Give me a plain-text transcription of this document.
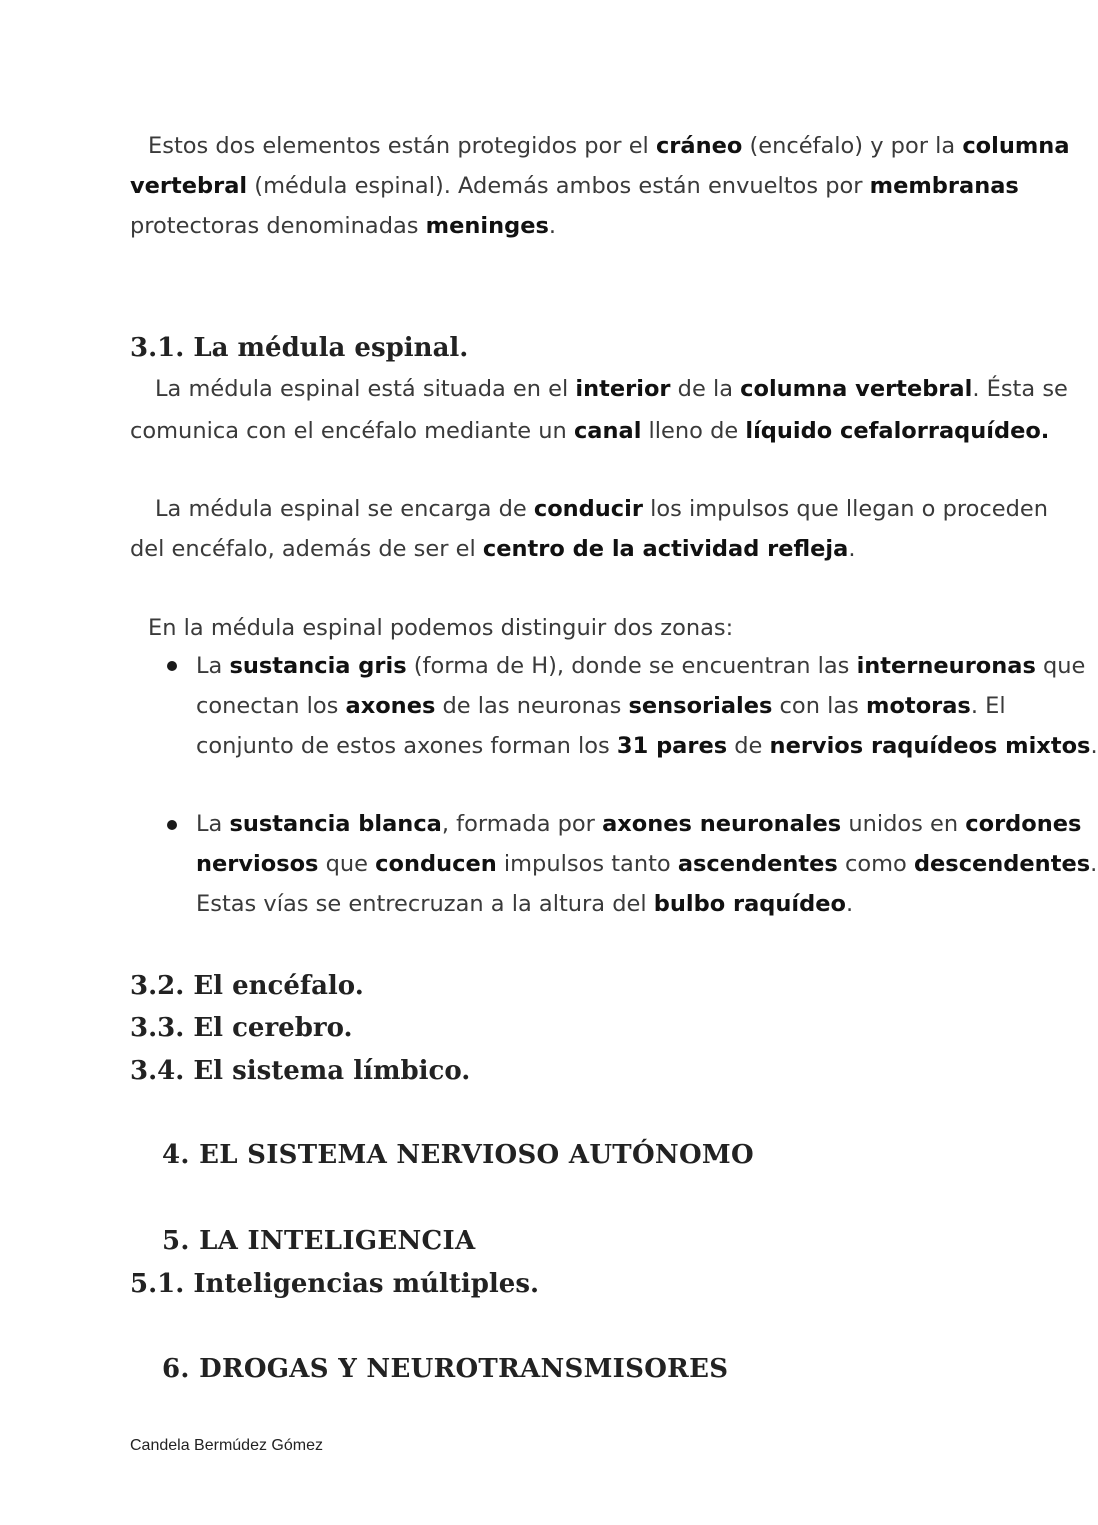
Estos dos elementos están protegidos por el cráneo (encéfalo) y por la columna
vertebral (médula espinal). Además ambos están envueltos por membranas
protectoras denominadas meninges.
3.1. La médula espinal.
La médula espinal está situada en el interior de la columna vertebral. Ésta se
comunica con el encéfalo mediante un canal lleno de líquido cefalorraquídeo.
La médula espinal se encarga de conducir los impulsos que llegan o proceden
del encéfalo, además de ser el centro de la actividad refleja.
En la médula espinal podemos distinguir dos zonas:
La sustancia gris (forma de H), donde se encuentran las interneuronas que
conectan los axones de las neuronas sensoriales con las motoras. El
conjunto de estos axones forman los 31 pares de nervios raquídeos mixtos.
La sustancia blanca, formada por axones neuronales unidos en cordones
nerviosos que conducen impulsos tanto ascendentes como descendentes.
Estas vías se entrecruzan a la altura del bulbo raquídeo.
3.2. El encéfalo.
3.3. El cerebro.
3.4. El sistema límbico.
4. EL SISTEMA NERVIOSO AUTÓNOMO
5. LA INTELIGENCIA
5.1. Inteligencias múltiples.
6. DROGAS Y NEUROTRANSMISORES
Candela Bermúdez Gómez
